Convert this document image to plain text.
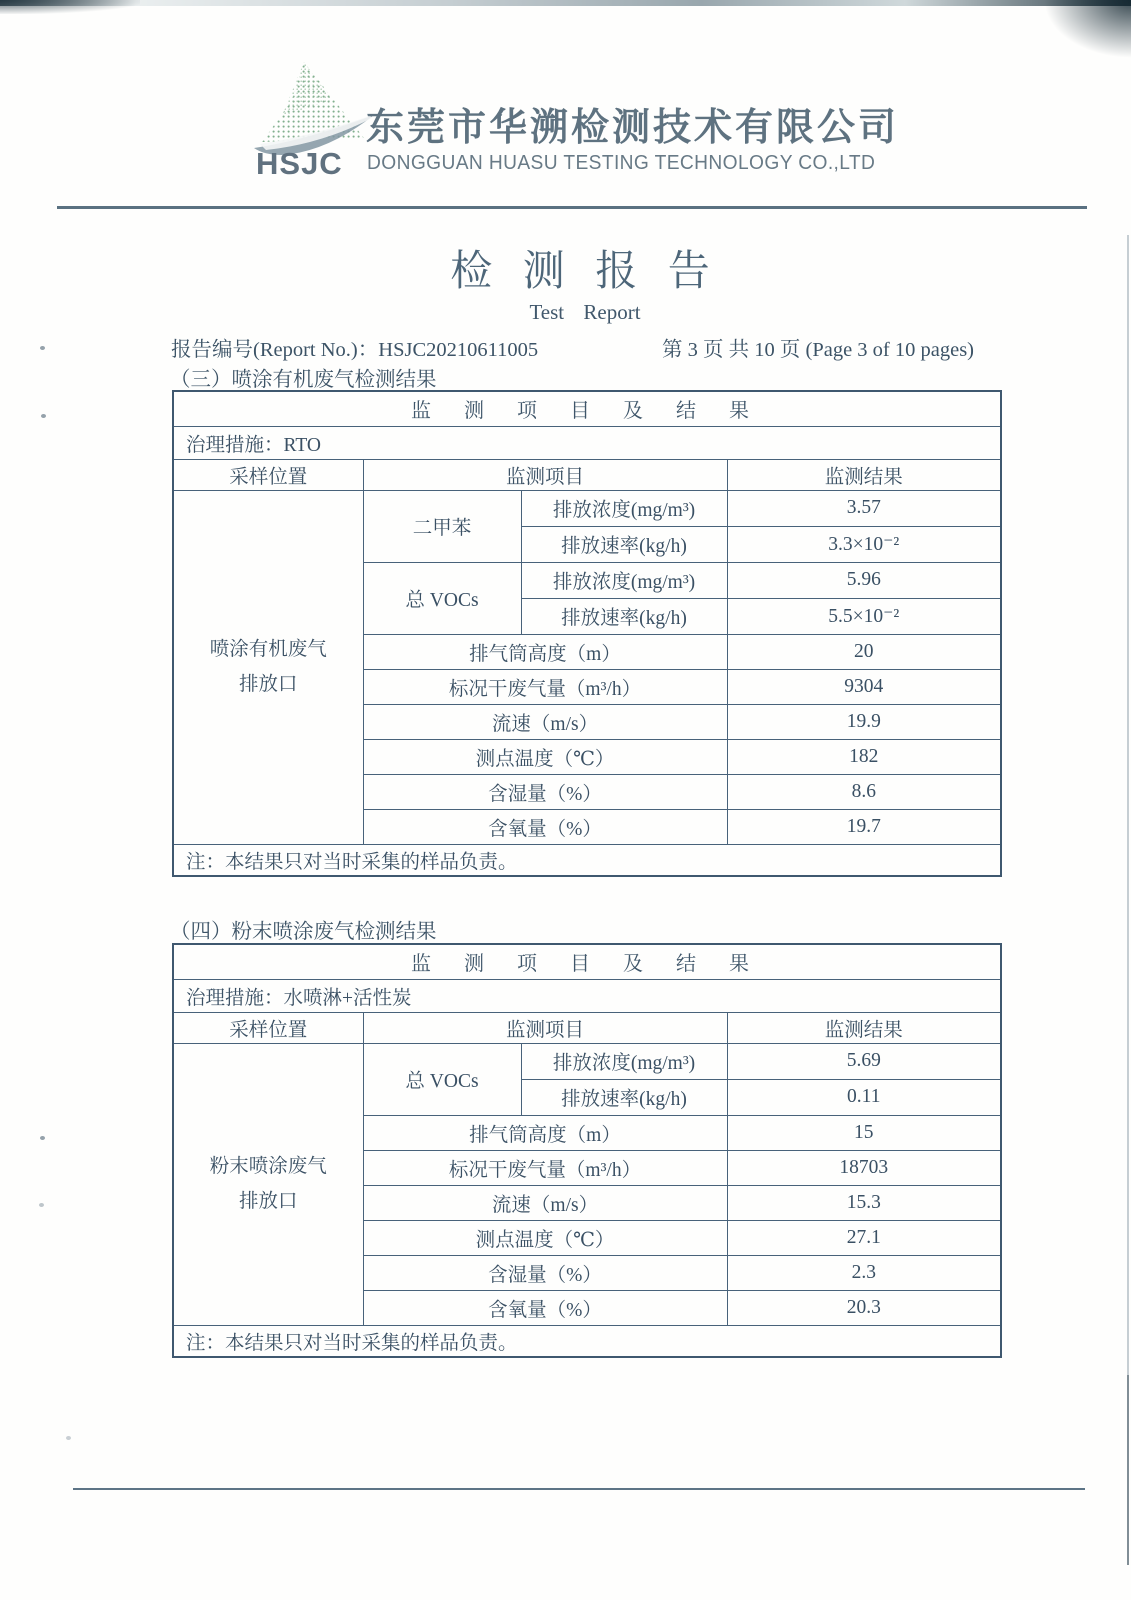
HSJC
东莞市华溯检测技术有限公司
DONGGUAN HUASU TESTING TECHNOLOGY CO.,LTD
检 测 报 告
Test Report
报告编号(Report No.)：HSJC20210611005	第 3 页 共 10 页 (Page 3 of 10 pages)
（三）喷涂有机废气检测结果
监 测 项 目 及 结 果			
治理措施：RTO			
采样位置	监测项目		监测结果

喷涂有机废气
排放口	二甲苯	排放浓度(mg/m³)	3.57
		排放速率(kg/h)	3.3×10⁻²
	总 VOCs	排放浓度(mg/m³)	5.96
		排放速率(kg/h)	5.5×10⁻²
	排气筒高度（m）		20
	标况干废气量（m³/h）		9304
	流速（m/s）		19.9
	测点温度（℃）		182
	含湿量（%）		8.6
	含氧量（%）		19.7
注：本结果只对当时采集的样品负责。			
（四）粉末喷涂废气检测结果
监 测 项 目 及 结 果			
治理措施：水喷淋+活性炭			
采样位置	监测项目		监测结果

粉末喷涂废气
排放口	总 VOCs	排放浓度(mg/m³)	5.69
		排放速率(kg/h)	0.11
	排气筒高度（m）		15
	标况干废气量（m³/h）		18703
	流速（m/s）		15.3
	测点温度（℃）		27.1
	含湿量（%）		2.3
	含氧量（%）		20.3
注：本结果只对当时采集的样品负责。			
